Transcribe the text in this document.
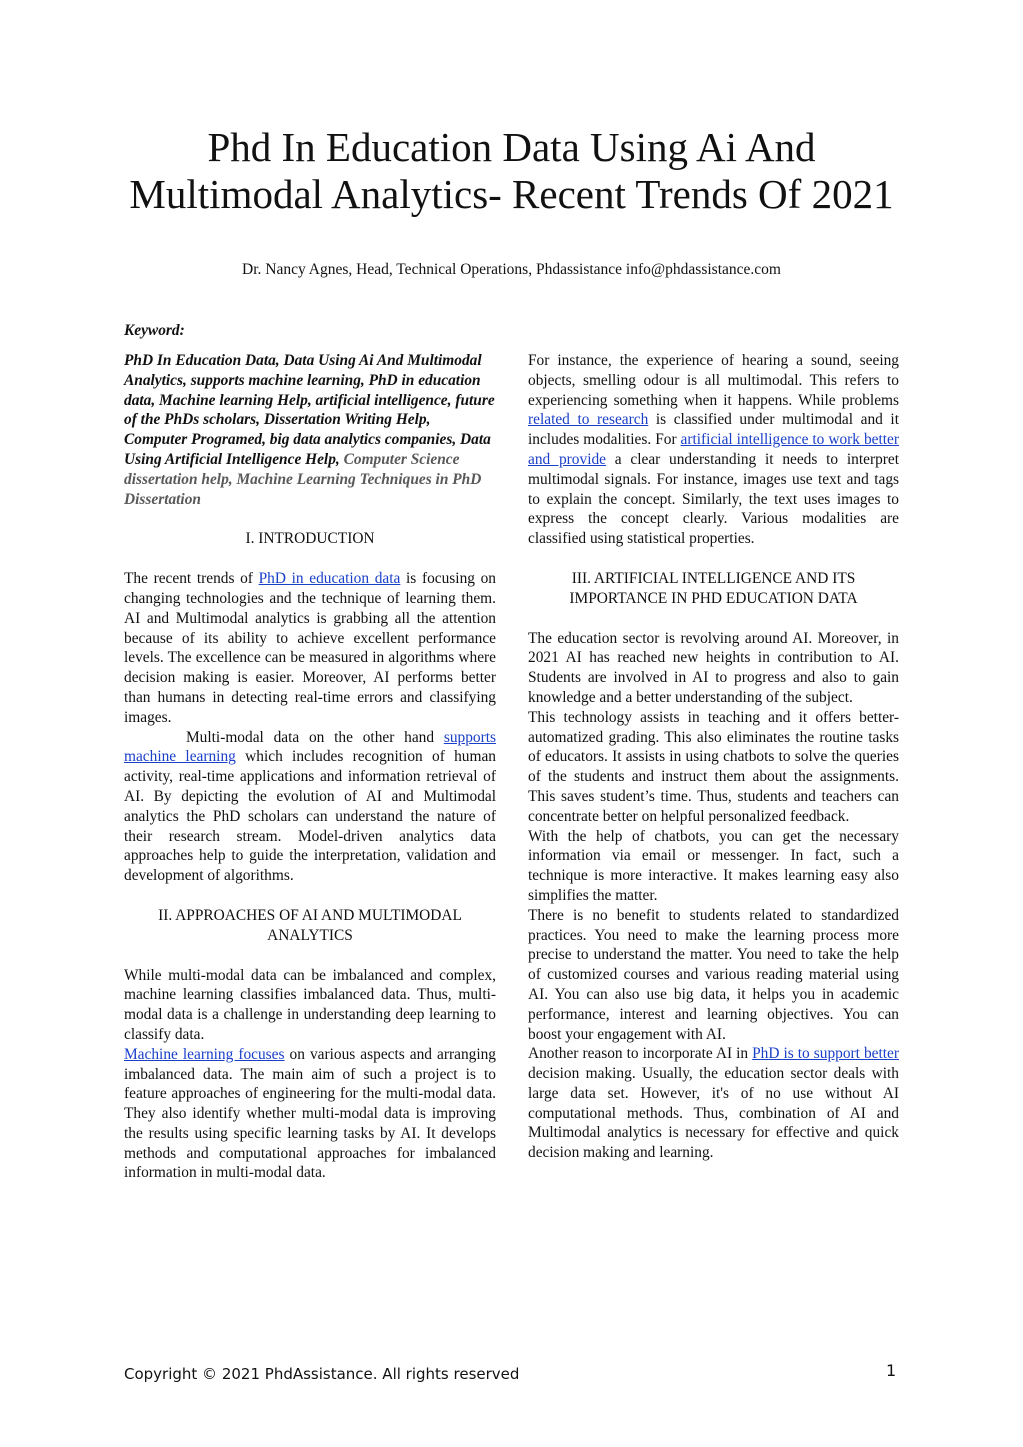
Phd In Education Data Using Ai And
Multimodal Analytics- Recent Trends Of 2021
Dr. Nancy Agnes, Head, Technical Operations, Phdassistance info@phdassistance.com
Keyword:

PhD In Education Data, Data Using Ai And Multimodal Analytics, supports machine learning, PhD in education data, Machine learning Help, artificial intelligence, future of the PhDs scholars, Dissertation Writing Help, Computer Programed, big data analytics companies, Data Using Artificial Intelligence Help, Computer Science dissertation help, Machine Learning Techniques in PhD Dissertation

I. INTRODUCTION

The recent trends of PhD in education data is focusing on changing technologies and the technique of learning them. AI and Multimodal analytics is grabbing all the attention because of its ability to achieve excellent performance levels. The excellence can be measured in algorithms where decision making is easier. Moreover, AI performs better than humans in detecting real-time errors and classifying images.

Multi-modal data on the other hand supports machine learning which includes recognition of human activity, real-time applications and information retrieval of AI. By depicting the evolution of AI and Multimodal analytics the PhD scholars can understand the nature of their research stream. Model-driven analytics data approaches help to guide the interpretation, validation and development of algorithms.

II. APPROACHES OF AI AND MULTIMODAL
ANALYTICS

While multi-modal data can be imbalanced and complex, machine learning classifies imbalanced data. Thus, multi-modal data is a challenge in understanding deep learning to classify data.

Machine learning focuses on various aspects and arranging imbalanced data. The main aim of such a project is to feature approaches of engineering for the multi-modal data. They also identify whether multi-modal data is improving the results using specific learning tasks by AI. It develops methods and computational approaches for imbalanced information in multi-modal data.

For instance, the experience of hearing a sound, seeing objects, smelling odour is all multimodal. This refers to experiencing something when it happens. While problems related to research is classified under multimodal and it includes modalities. For artificial intelligence to work better and provide a clear understanding it needs to interpret multimodal signals. For instance, images use text and tags to explain the concept. Similarly, the text uses images to express the concept clearly. Various modalities are classified using statistical properties.

III. ARTIFICIAL INTELLIGENCE AND ITS
IMPORTANCE IN PHD EDUCATION DATA

The education sector is revolving around AI. Moreover, in 2021 AI has reached new heights in contribution to AI. Students are involved in AI to progress and also to gain knowledge and a better understanding of the subject.

This technology assists in teaching and it offers better-automatized grading. This also eliminates the routine tasks of educators. It assists in using chatbots to solve the queries of the students and instruct them about the assignments. This saves student’s time. Thus, students and teachers can concentrate better on helpful personalized feedback.

With the help of chatbots, you can get the necessary information via email or messenger. In fact, such a technique is more interactive. It makes learning easy also simplifies the matter.

There is no benefit to students related to standardized practices. You need to make the learning process more precise to understand the matter. You need to take the help of customized courses and various reading material using AI. You can also use big data, it helps you in academic performance, interest and learning objectives. You can boost your engagement with AI.

Another reason to incorporate AI in PhD is to support better decision making. Usually, the education sector deals with large data set. However, it's of no use without AI computational methods. Thus, combination of AI and Multimodal analytics is necessary for effective and quick decision making and learning.

Copyright © 2021 PhdAssistance. All rights reserved	1
